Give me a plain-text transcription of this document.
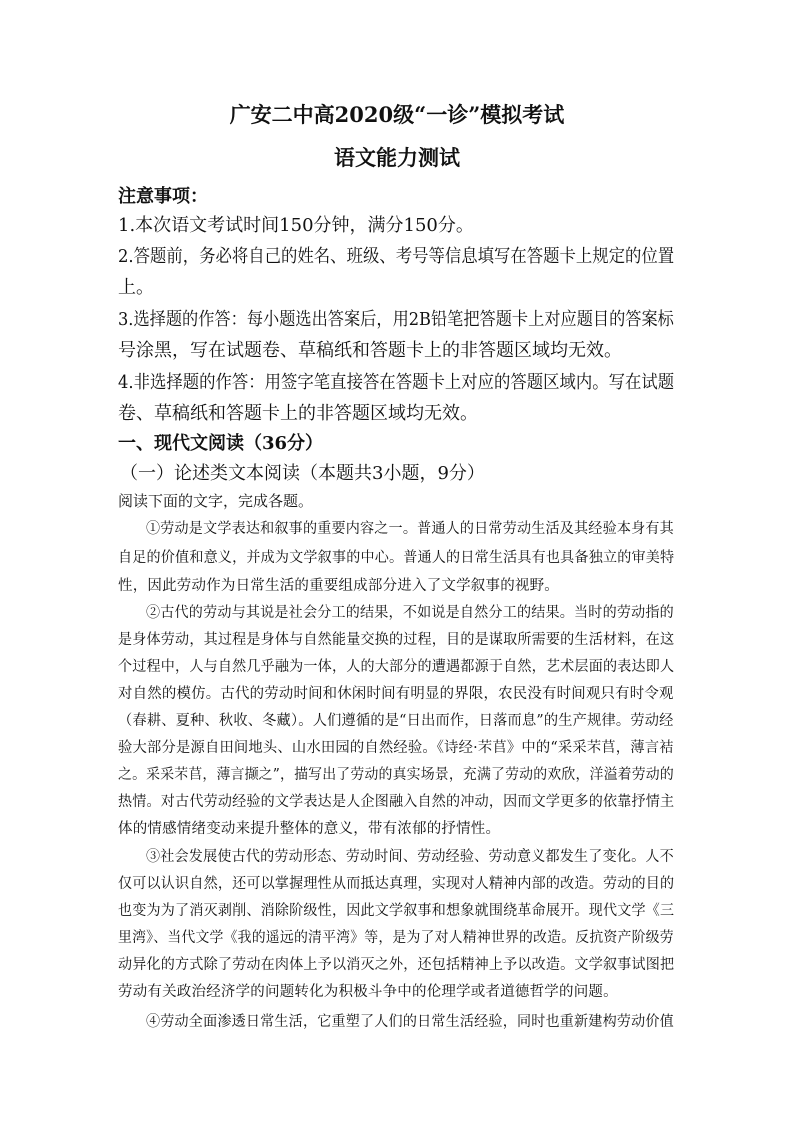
广安二中高2020级“一诊”模拟考试
语文能力测试
注意事项：
1.本次语文考试时间150分钟，满分150分。
2.答题前，务必将自己的姓名、班级、考号等信息填写在答题卡上规定的位置
上。
3.选择题的作答：每小题选出答案后，用2B铅笔把答题卡上对应题目的答案标
号涂黑，写在试题卷、草稿纸和答题卡上的非答题区域均无效。
4.非选择题的作答：用签字笔直接答在答题卡上对应的答题区域内。写在试题
卷、草稿纸和答题卡上的非答题区域均无效。
一、现代文阅读（36分）
（一）论述类文本阅读（本题共3小题，9分）
阅读下面的文字，完成各题。
①劳动是文学表达和叙事的重要内容之一。普通人的日常劳动生活及其经验本身有其
自足的价值和意义，并成为文学叙事的中心。普通人的日常生活具有也具备独立的审美特
性，因此劳动作为日常生活的重要组成部分进入了文学叙事的视野。
②古代的劳动与其说是社会分工的结果，不如说是自然分工的结果。当时的劳动指的
是身体劳动，其过程是身体与自然能量交换的过程，目的是谋取所需要的生活材料，在这
个过程中，人与自然几乎融为一体，人的大部分的遭遇都源于自然，艺术层面的表达即人
对自然的模仿。古代的劳动时间和休闲时间有明显的界限，农民没有时间观只有时令观
（春耕、夏种、秋收、冬藏）。人们遵循的是“日出而作，日落而息”的生产规律。劳动经
验大部分是源自田间地头、山水田园的自然经验。《诗经·芣苢》中的“采采芣苢，薄言袺
之。采采芣苢，薄言撷之”，描写出了劳动的真实场景，充满了劳动的欢欣，洋溢着劳动的
热情。对古代劳动经验的文学表达是人企图融入自然的冲动，因而文学更多的依靠抒情主
体的情感情绪变动来提升整体的意义，带有浓郁的抒情性。
③社会发展使古代的劳动形态、劳动时间、劳动经验、劳动意义都发生了变化。人不
仅可以认识自然，还可以掌握理性从而抵达真理，实现对人精神内部的改造。劳动的目的
也变为为了消灭剥削、消除阶级性，因此文学叙事和想象就围绕革命展开。现代文学《三
里湾》、当代文学《我的遥远的清平湾》等，是为了对人精神世界的改造。反抗资产阶级劳
动异化的方式除了劳动在肉体上予以消灭之外，还包括精神上予以改造。文学叙事试图把
劳动有关政治经济学的问题转化为积极斗争中的伦理学或者道德哲学的问题。
④劳动全面渗透日常生活，它重塑了人们的日常生活经验，同时也重新建构劳动价值
